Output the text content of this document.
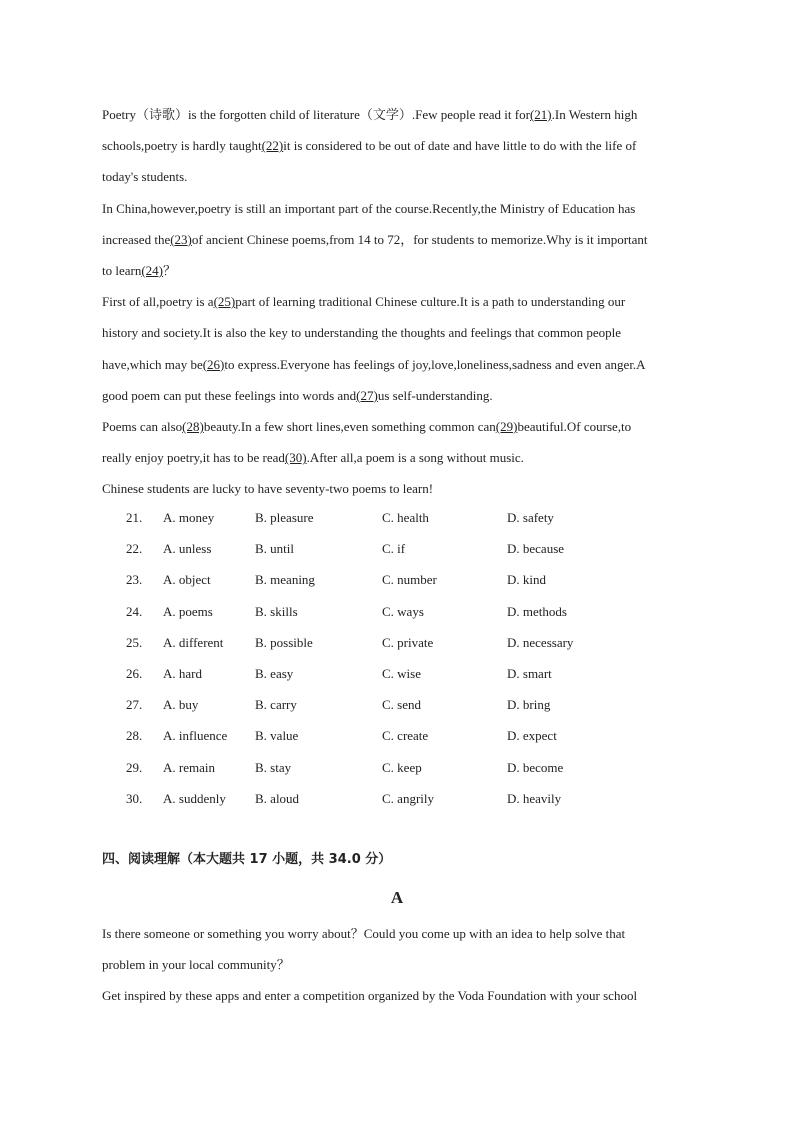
Poetry（诗歌）is the forgotten child of literature（文学）.Few people read it for(21).In Western high

schools,poetry is hardly taught(22)it is considered to be out of date and have little to do with the life of

today's students.

In China,however,poetry is still an important part of the course.Recently,the Ministry of Education has

increased the(23)of ancient Chinese poems,from 14 to 72，for students to memorize.Why is it important

to learn(24)？

First of all,poetry is a(25)part of learning traditional Chinese culture.It is a path to understanding our

history and society.It is also the key to understanding the thoughts and feelings that common people

have,which may be(26)to express.Everyone has feelings of joy,love,loneliness,sadness and even anger.A

good poem can put these feelings into words and(27)us self-understanding.

Poems can also(28)beauty.In a few short lines,even something common can(29)beautiful.Of course,to

really enjoy poetry,it has to be read(30).After all,a poem is a song without music.

Chinese students are lucky to have seventy-two poems to learn!

21. A. money	B. pleasure	C. health	D. safety
22. A. unless	B. until	C. if	D. because
23. A. object	B. meaning	C. number	D. kind
24. A. poems	B. skills	C. ways	D. methods
25. A. different B. possible	C. private	D. necessary
26. A. hard	B. easy	C. wise	D. smart
27. A. buy	B. carry	C. send	D. bring
28. A. influence B. value	C. create	D. expect
29. A. remain	B. stay	C. keep	D. become
30. A. suddenly B. aloud	C. angrily	D. heavily
四、阅读理解（本大题共 17 小题，共 34.0 分）
A

Is there someone or something you worry about？Could you come up with an idea to help solve that

problem in your local community？

Get inspired by these apps and enter a competition organized by the Voda Foundation with your school
